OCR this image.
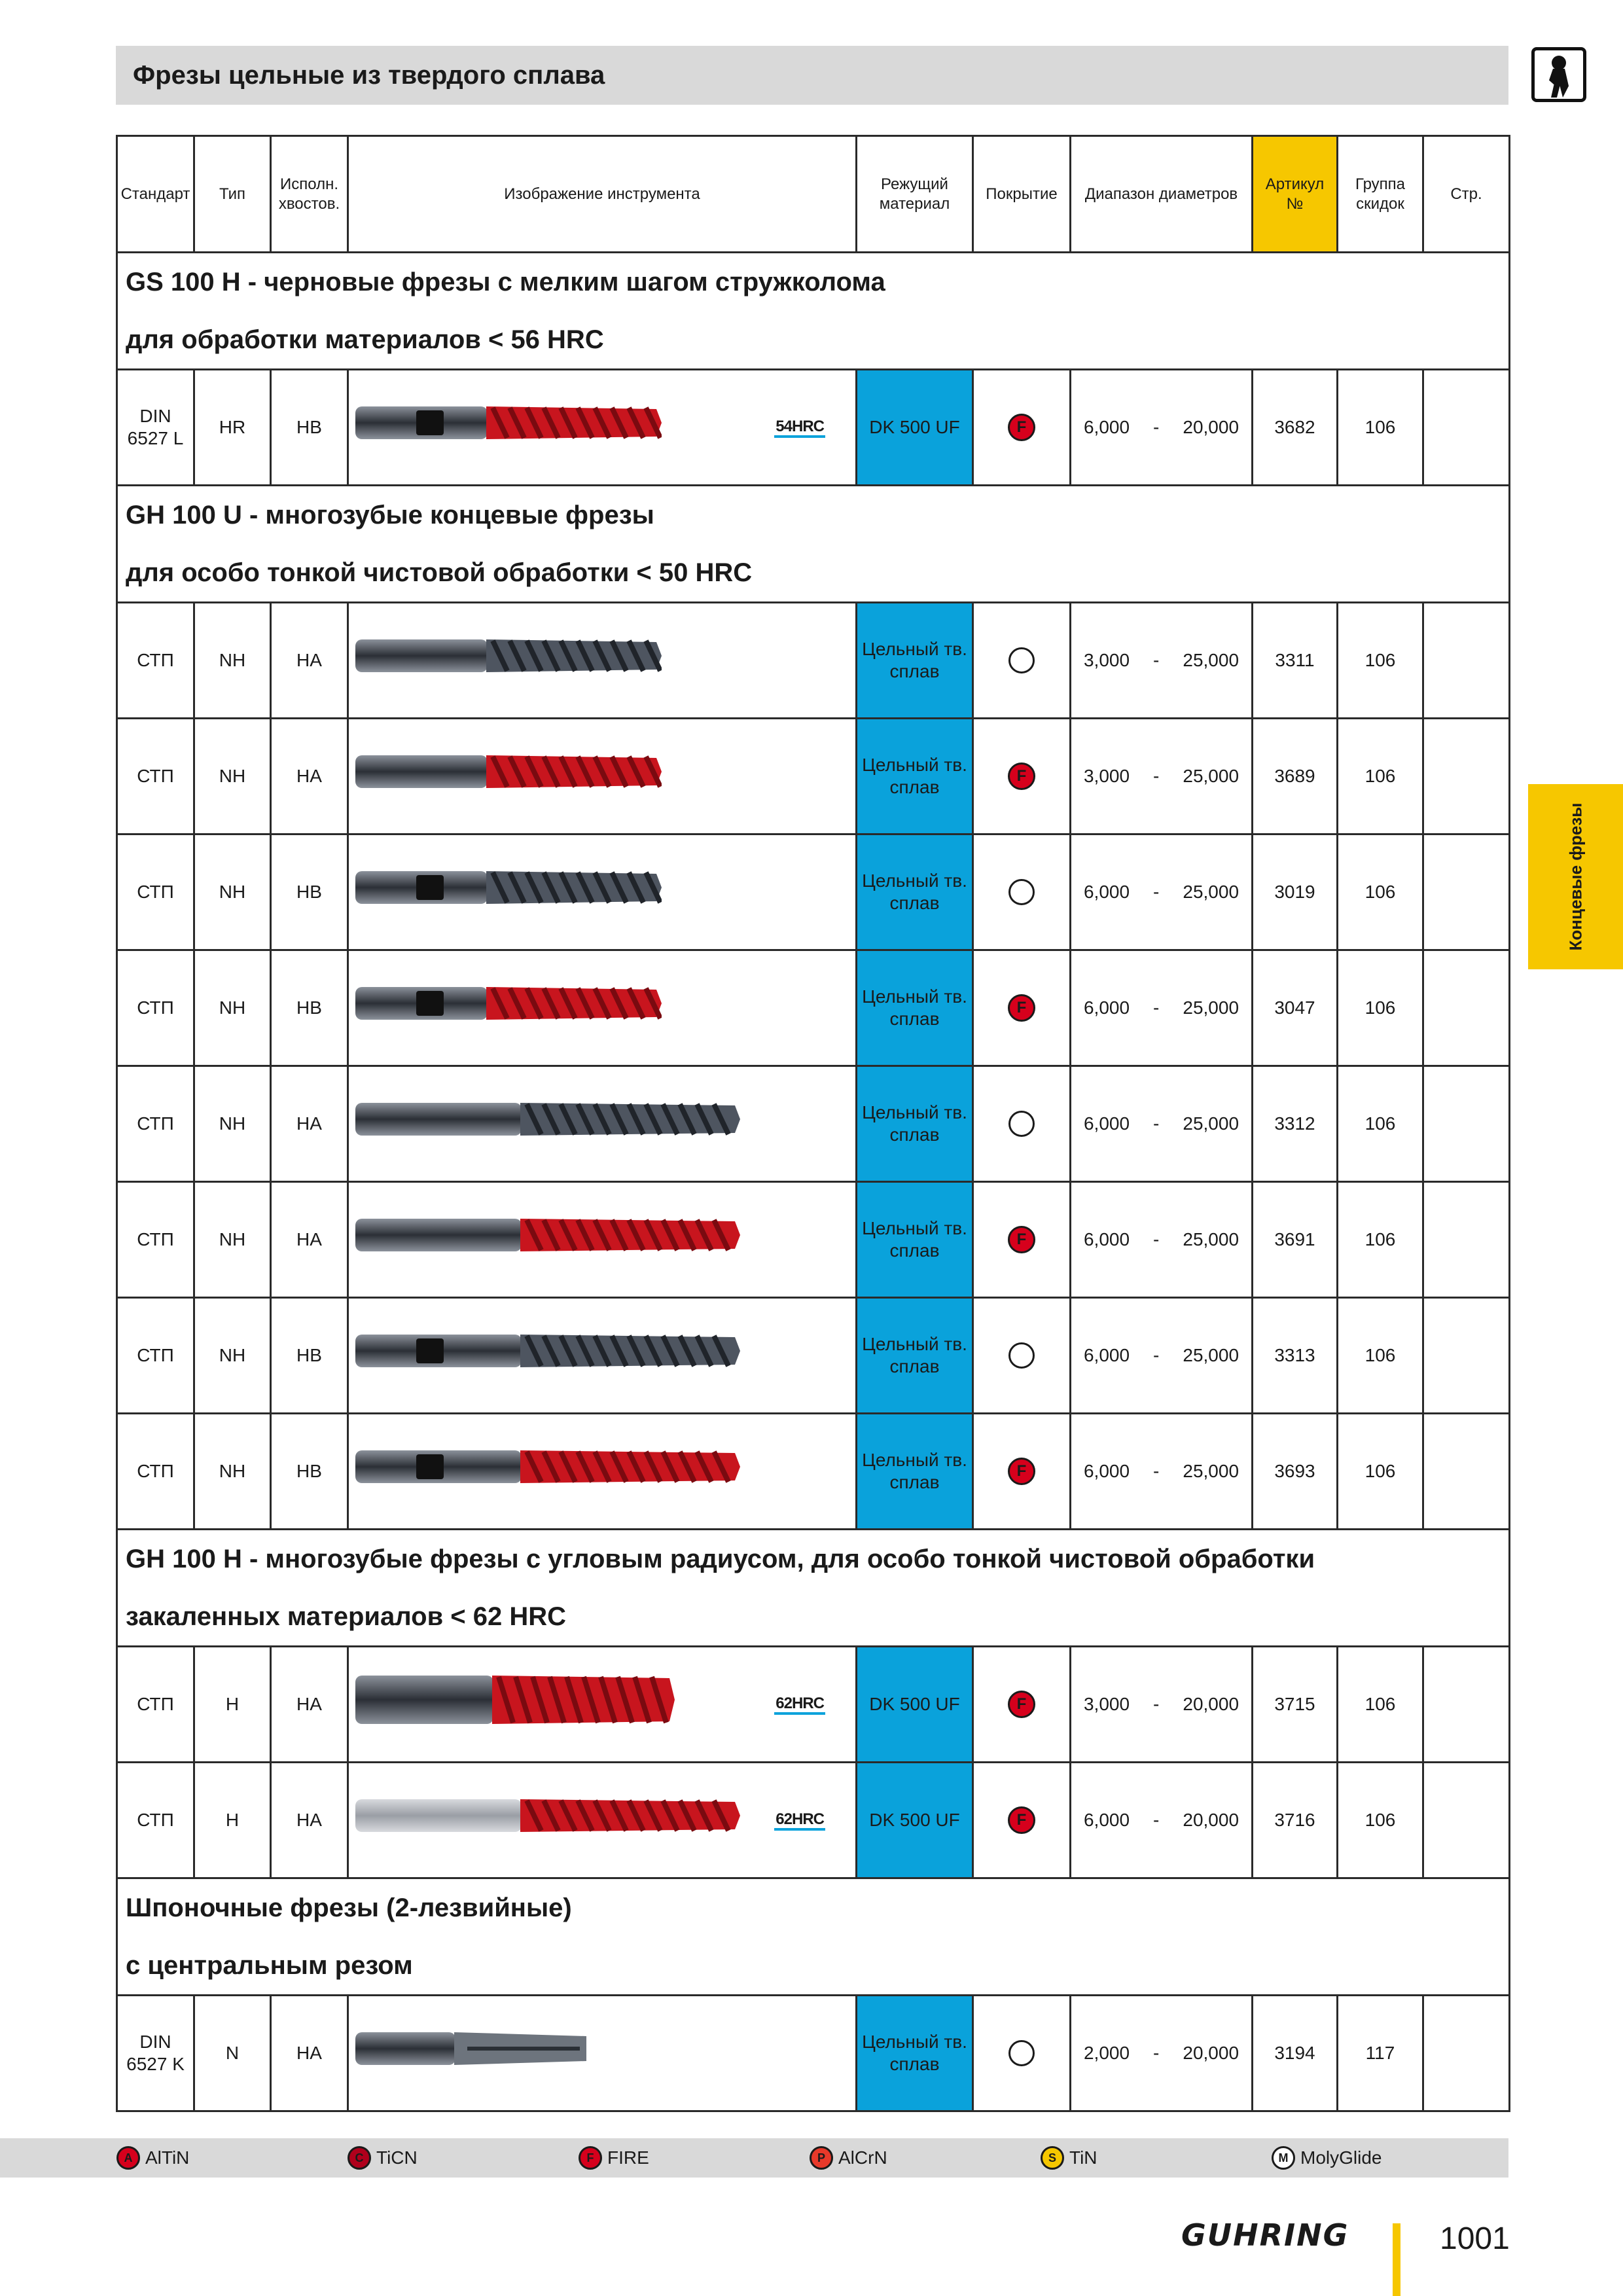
Фрезы цельные из твердого сплава
Концевые фрезы
Стандарт	Тип	Исполн. хвостов.	Изображение инструмента	Режущий материал	Покрытие	Диапазон диаметров	Артикул №	Группа скидок	Стр.

GS 100 H - черновые фрезы с мелким шагом стружколома
для обработки материалов < 56 HRC									

DIN 6527 L	HR	HB	54HRC	DK 500 UF	F	6,000 - 20,000	3682	106	

GH 100 U - многозубые концевые фрезы
для особо тонкой чистовой обработки < 50 HRC									

СТП	NH	HA		Цельный тв. сплав		3,000 - 25,000	3311	106	
СТП	NH	HA		Цельный тв. сплав	F	3,000 - 25,000	3689	106	
СТП	NH	HB		Цельный тв. сплав		6,000 - 25,000	3019	106	
СТП	NH	HB		Цельный тв. сплав	F	6,000 - 25,000	3047	106	
СТП	NH	HA		Цельный тв. сплав		6,000 - 25,000	3312	106	
СТП	NH	HA		Цельный тв. сплав	F	6,000 - 25,000	3691	106	
СТП	NH	HB		Цельный тв. сплав		6,000 - 25,000	3313	106	
СТП	NH	HB		Цельный тв. сплав	F	6,000 - 25,000	3693	106	

GH 100 H - многозубые фрезы с угловым радиусом, для особо тонкой чистовой обработки
закаленных материалов < 62 HRC									

СТП	H	HA	62HRC	DK 500 UF	F	3,000 - 20,000	3715	106	
СТП	H	HA	62HRC	DK 500 UF	F	6,000 - 20,000	3716	106	

Шпоночные фрезы (2-лезвийные)
с центральным резом									

DIN 6527 K	N	HA		Цельный тв. сплав		2,000 - 20,000	3194	117	
A AlTiN	C TiCN	F FIRE	P AlCrN	S TiN	M MolyGlide
GUHRING	1001
